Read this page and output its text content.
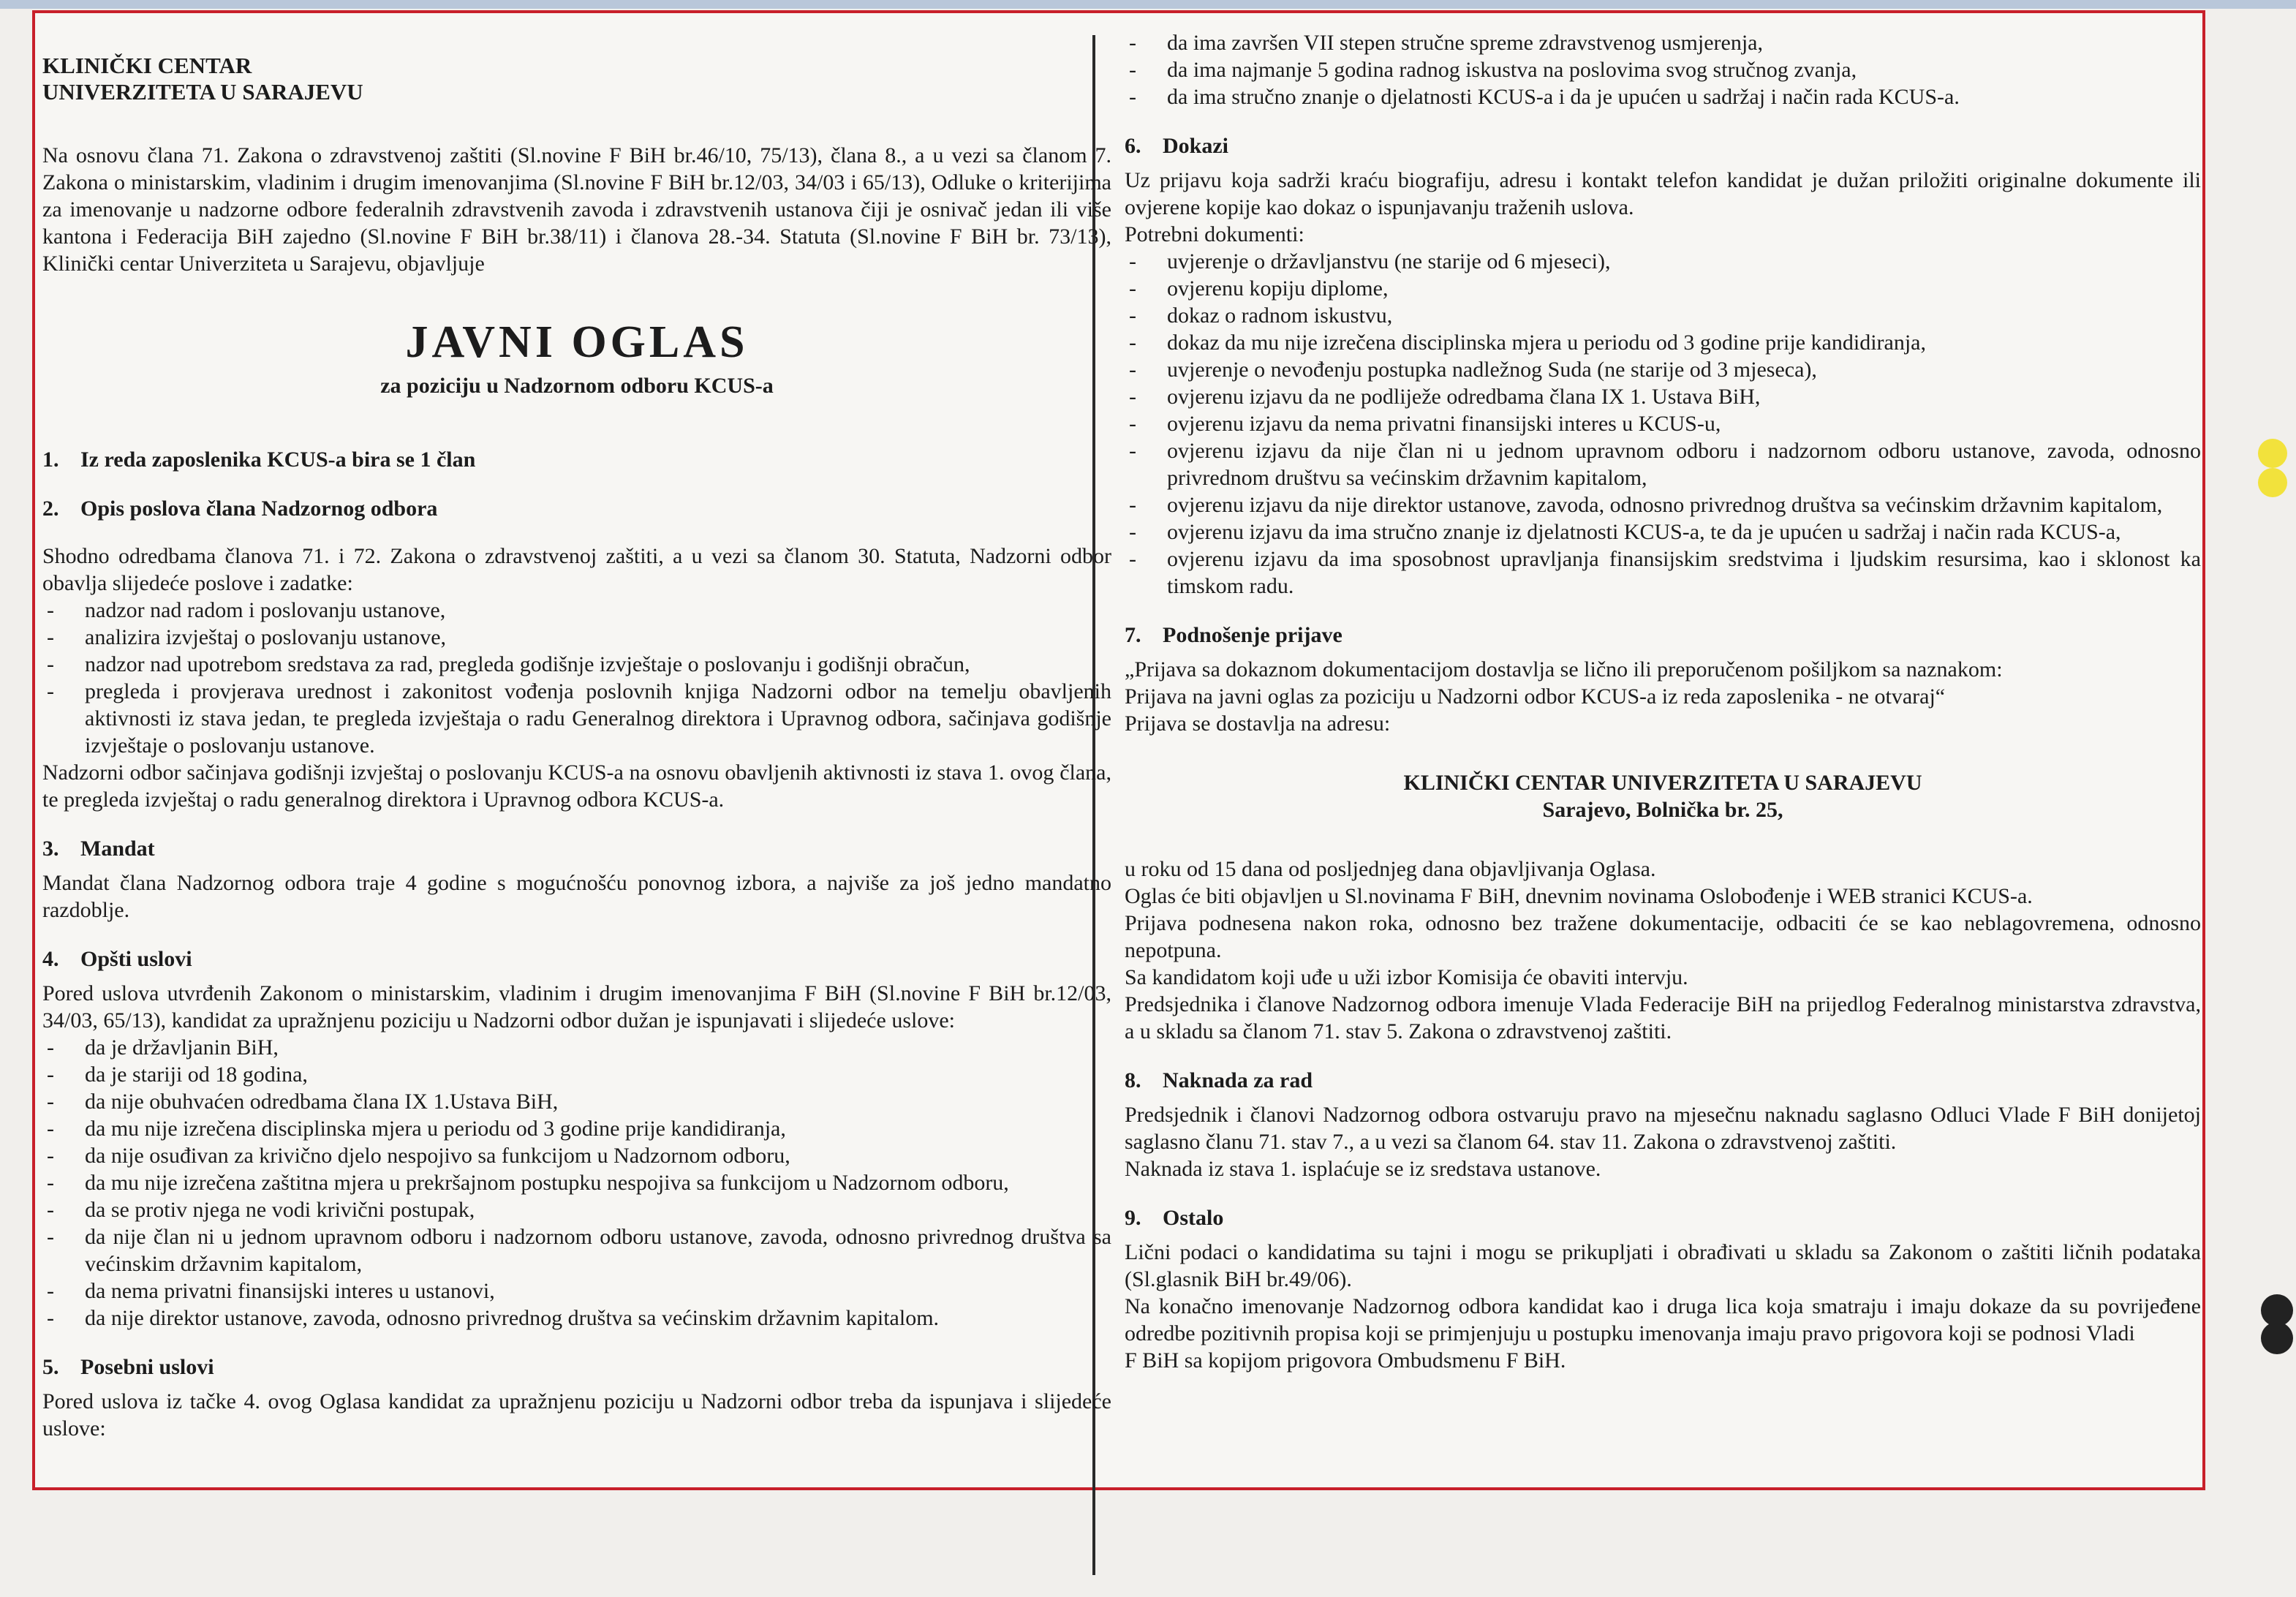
KLINIČKI CENTAR

UNIVERZITETA U SARAJEVU

Na osnovu člana 71. Zakona o zdravstvenoj zaštiti (Sl.novine F BiH br.46/10, 75/13), člana 8., a u vezi sa članom 7. Zakona o ministarskim, vladinim i drugim imenovanjima (Sl.novine F BiH br.12/03, 34/03 i 65/13), Odluke o kriterijima za imenovanje u nadzorne odbore federalnih zdravstvenih zavoda i zdravstvenih ustanova čiji je osnivač jedan ili više kantona i Federacija BiH zajedno (Sl.novine F BiH br.38/11) i članova 28.-34. Statuta (Sl.novine F BiH br. 73/13), Klinički centar Univerziteta u Sarajevu, objavljuje

JAVNI OGLAS
za poziciju u Nadzornom odboru KCUS-a
1. Iz reda zaposlenika KCUS-a bira se 1 član
2. Opis poslova člana Nadzornog odbora

Shodno odredbama članova 71. i 72. Zakona o zdravstvenoj zaštiti, a u vezi sa članom 30. Statuta, Nadzorni odbor obavlja slijedeće poslove i zadatke:

- nadzor nad radom i poslovanju ustanove,
- analizira izvještaj o poslovanju ustanove,
- nadzor nad upotrebom sredstava za rad, pregleda godišnje izvještaje o poslovanju i godišnji obračun,
- pregleda i provjerava urednost i zakonitost vođenja poslovnih knjiga Nadzorni odbor na temelju obavljenih aktivnosti iz stava jedan, te pregleda izvještaja o radu Generalnog direktora i Upravnog odbora, sačinjava godišnje izvještaje o poslovanju ustanove.

Nadzorni odbor sačinjava godišnji izvještaj o poslovanju KCUS-a na osnovu obavljenih aktivnosti iz stava 1. ovog člana, te pregleda izvještaj o radu generalnog direktora i Upravnog odbora KCUS-a.

3. Mandat

Mandat člana Nadzornog odbora traje 4 godine s mogućnošću ponovnog izbora, a najviše za još jedno mandatno razdoblje.

4. Opšti uslovi

Pored uslova utvrđenih Zakonom o ministarskim, vladinim i drugim imenovanjima F BiH (Sl.novine F BiH br.12/03, 34/03, 65/13), kandidat za upražnjenu poziciju u Nadzorni odbor dužan je ispunjavati i slijedeće uslove:

- da je državljanin BiH,
- da je stariji od 18 godina,
- da nije obuhvaćen odredbama člana IX 1.Ustava BiH,
- da mu nije izrečena disciplinska mjera u periodu od 3 godine prije kandidiranja,
- da nije osuđivan za krivično djelo nespojivo sa funkcijom u Nadzornom odboru,
- da mu nije izrečena zaštitna mjera u prekršajnom postupku nespojiva sa funkcijom u Nadzornom odboru,
- da se protiv njega ne vodi krivični postupak,
- da nije član ni u jednom upravnom odboru i nadzornom odboru ustanove, zavoda, odnosno privrednog društva sa većinskim državnim kapitalom,
- da nema privatni finansijski interes u ustanovi,
- da nije direktor ustanove, zavoda, odnosno privrednog društva sa većinskim državnim kapitalom.
5. Posebni uslovi

Pored uslova iz tačke 4. ovog Oglasa kandidat za upražnjenu poziciju u Nadzorni odbor treba da ispunjava i slijedeće uslove:

- da ima završen VII stepen stručne spreme zdravstvenog usmjerenja,
- da ima najmanje 5 godina radnog iskustva na poslovima svog stručnog zvanja,
- da ima stručno znanje o djelatnosti KCUS-a i da je upućen u sadržaj i način rada KCUS-a.
6. Dokazi

Uz prijavu koja sadrži kraću biografiju, adresu i kontakt telefon kandidat je dužan priložiti originalne dokumente ili ovjerene kopije kao dokaz o ispunjavanju traženih uslova.

Potrebni dokumenti:

- uvjerenje o državljanstvu (ne starije od 6 mjeseci),
- ovjerenu kopiju diplome,
- dokaz o radnom iskustvu,
- dokaz da mu nije izrečena disciplinska mjera u periodu od 3 godine prije kandidiranja,
- uvjerenje o nevođenju postupka nadležnog Suda (ne starije od 3 mjeseca),
- ovjerenu izjavu da ne podliježe odredbama člana IX 1. Ustava BiH,
- ovjerenu izjavu da nema privatni finansijski interes u KCUS-u,
- ovjerenu izjavu da nije član ni u jednom upravnom odboru i nadzornom odboru ustanove, zavoda, odnosno privrednom društvu sa većinskim državnim kapitalom,
- ovjerenu izjavu da nije direktor ustanove, zavoda, odnosno privrednog društva sa većinskim državnim kapitalom,
- ovjerenu izjavu da ima stručno znanje iz djelatnosti KCUS-a, te da je upućen u sadržaj i način rada KCUS-a,
- ovjerenu izjavu da ima sposobnost upravljanja finansijskim sredstvima i ljudskim resursima, kao i sklonost ka timskom radu.
7. Podnošenje prijave

„Prijava sa dokaznom dokumentacijom dostavlja se lično ili preporučenom pošiljkom sa naznakom:

Prijava na javni oglas za poziciju u Nadzorni odbor KCUS-a iz reda zaposlenika - ne otvaraj“

Prijava se dostavlja na adresu:

KLINIČKI CENTAR UNIVERZITETA U SARAJEVU
Sarajevo, Bolnička br. 25,

u roku od 15 dana od posljednjeg dana objavljivanja Oglasa.

Oglas će biti objavljen u Sl.novinama F BiH, dnevnim novinama Oslobođenje i WEB stranici KCUS-a.

Prijava podnesena nakon roka, odnosno bez tražene dokumentacije, odbaciti će se kao neblagovremena, odnosno nepotpuna.

Sa kandidatom koji uđe u uži izbor Komisija će obaviti intervju.

Predsjednika i članove Nadzornog odbora imenuje Vlada Federacije BiH na prijedlog Federalnog ministarstva zdravstva, a u skladu sa članom 71. stav 5. Zakona o zdravstvenoj zaštiti.

8. Naknada za rad

Predsjednik i članovi Nadzornog odbora ostvaruju pravo na mjesečnu naknadu saglasno Odluci Vlade F BiH donijetoj saglasno članu 71. stav 7., a u vezi sa članom 64. stav 11. Zakona o zdravstvenoj zaštiti.

Naknada iz stava 1. isplaćuje se iz sredstava ustanove.

9. Ostalo

Lični podaci o kandidatima su tajni i mogu se prikupljati i obrađivati u skladu sa Zakonom o zaštiti ličnih podataka (Sl.glasnik BiH br.49/06).

Na konačno imenovanje Nadzornog odbora kandidat kao i druga lica koja smatraju i imaju dokaze da su povrijeđene odredbe pozitivnih propisa koji se primjenjuju u postupku imenovanja imaju pravo prigovora koji se podnosi Vladi

F BiH sa kopijom prigovora Ombudsmenu F BiH.
